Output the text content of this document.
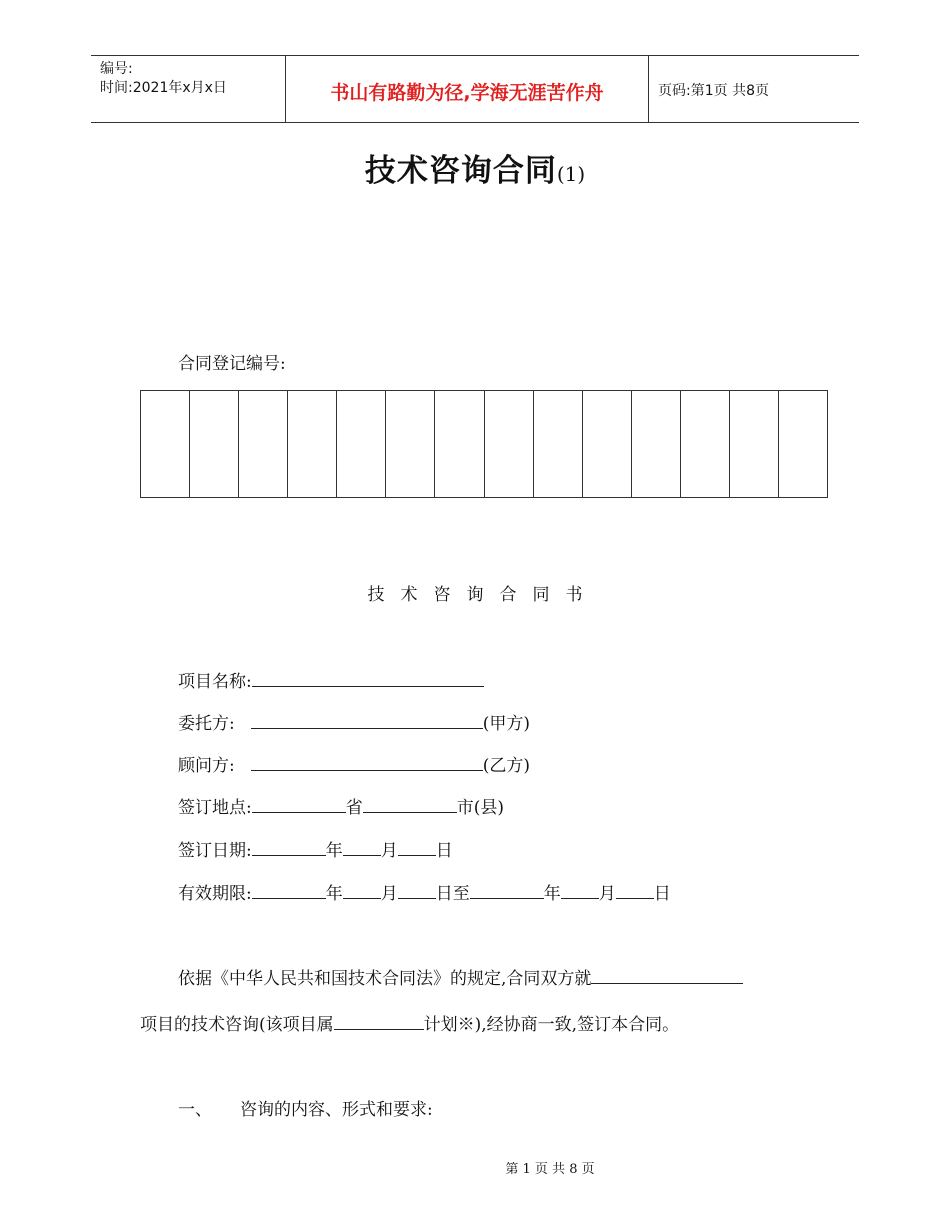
编号:
时间:2021年x月x日	书山有路勤为径,学海无涯苦作舟	页码:第1页 共8页
技术咨询合同(1)
合同登记编号:
技 术 咨 询 合 同 书
项目名称:
委托方:	(甲方)
顾问方:	(乙方)
签订地点:	省	市(县)
签订日期:	年 月 日
有效期限:	年 月 日至	年 月 日
依据《中华人民共和国技术合同法》的规定,合同双方就
项目的技术咨询(该项目属	计划※),经协商一致,签订本合同。
一、 咨询的内容、形式和要求:
第 1 页 共 8 页
